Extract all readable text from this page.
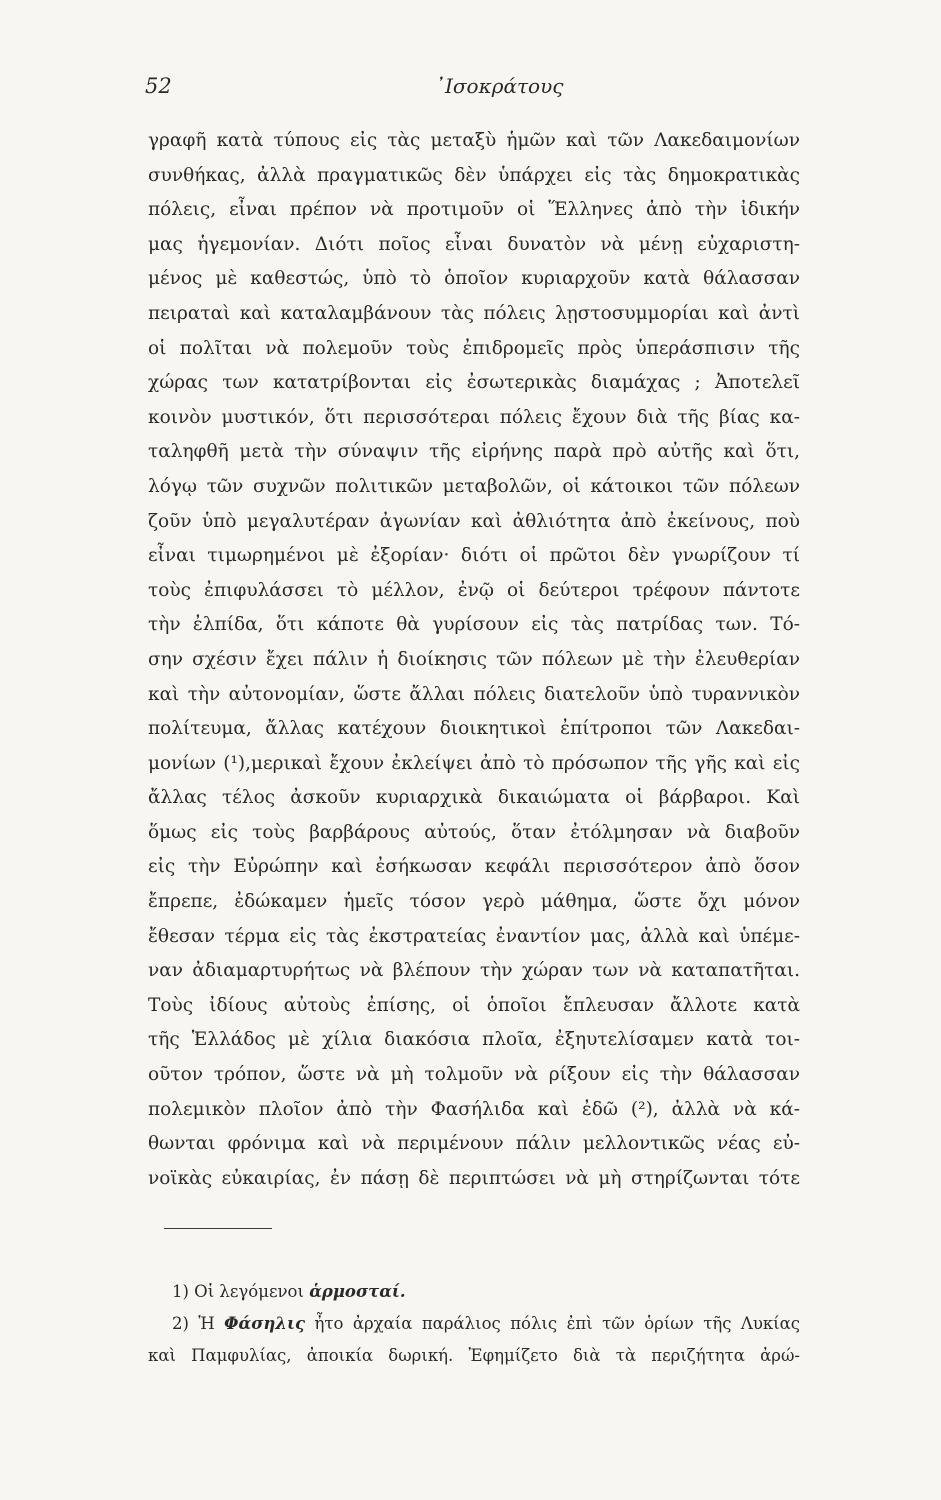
52	᾿Ισοκράτους
γραφῆ κατὰ τύπους εἰς τὰς μεταξὺ ἡμῶν καὶ τῶν Λακεδαιμονίων
συνθήκας, ἀλλὰ πραγματικῶς δὲν ὑπάρχει εἰς τὰς δημοκρατικὰς
πόλεις, εἶναι πρέπον νὰ προτιμοῦν οἱ Ἕλληνες ἀπὸ τὴν ἰδικήν
μας ἡγεμονίαν. Διότι ποῖος εἶναι δυνατὸν νὰ μένῃ εὐχαριστη-
μένος μὲ καθεστώς, ὑπὸ τὸ ὁποῖον κυριαρχοῦν κατὰ θάλασσαν
πειραταὶ καὶ καταλαμβάνουν τὰς πόλεις λῃστοσυμμορίαι καὶ ἀντὶ
οἱ πολῖται νὰ πολεμοῦν τοὺς ἐπιδρομεῖς πρὸς ὑπεράσπισιν τῆς
χώρας των κατατρίβονται εἰς ἐσωτερικὰς διαμάχας ; Ἀποτελεῖ
κοινὸν μυστικόν, ὅτι περισσότεραι πόλεις ἔχουν διὰ τῆς βίας κα-
ταληφθῆ μετὰ τὴν σύναψιν τῆς εἰρήνης παρὰ πρὸ αὐτῆς καὶ ὅτι,
λόγῳ τῶν συχνῶν πολιτικῶν μεταβολῶν, οἱ κάτοικοι τῶν πόλεων
ζοῦν ὑπὸ μεγαλυτέραν ἀγωνίαν καὶ ἀθλιότητα ἀπὸ ἐκείνους, ποὺ
εἶναι τιμωρημένοι μὲ ἐξορίαν· διότι οἱ πρῶτοι δὲν γνωρίζουν τί
τοὺς ἐπιφυλάσσει τὸ μέλλον, ἐνῷ οἱ δεύτεροι τρέφουν πάντοτε
τὴν ἐλπίδα, ὅτι κάποτε θὰ γυρίσουν εἰς τὰς πατρίδας των. Τό-
σην σχέσιν ἔχει πάλιν ἡ διοίκησις τῶν πόλεων μὲ τὴν ἐλευθερίαν
καὶ τὴν αὐτονομίαν, ὥστε ἄλλαι πόλεις διατελοῦν ὑπὸ τυραννικὸν
πολίτευμα, ἄλλας κατέχουν διοικητικοὶ ἐπίτροποι τῶν Λακεδαι-
μονίων (¹),μερικαὶ ἔχουν ἐκλείψει ἀπὸ τὸ πρόσωπον τῆς γῆς καὶ εἰς
ἄλλας τέλος ἀσκοῦν κυριαρχικὰ δικαιώματα οἱ βάρβαροι. Καὶ
ὅμως εἰς τοὺς βαρβάρους αὐτούς, ὅταν ἐτόλμησαν νὰ διαβοῦν
εἰς τὴν Εὐρώπην καὶ ἐσήκωσαν κεφάλι περισσότερον ἀπὸ ὅσον
ἔπρεπε, ἐδώκαμεν ἡμεῖς τόσον γερὸ μάθημα, ὥστε ὄχι μόνον
ἔθεσαν τέρμα εἰς τὰς ἐκστρατείας ἐναντίον μας, ἀλλὰ καὶ ὑπέμε-
ναν ἀδιαμαρτυρήτως νὰ βλέπουν τὴν χώραν των νὰ καταπατῆται.
Τοὺς ἰδίους αὐτοὺς ἐπίσης, οἱ ὁποῖοι ἔπλευσαν ἄλλοτε κατὰ
τῆς Ἑλλάδος μὲ χίλια διακόσια πλοῖα, ἐξηυτελίσαμεν κατὰ τοι-
οῦτον τρόπον, ὥστε νὰ μὴ τολμοῦν νὰ ρίξουν εἰς τὴν θάλασσαν
πολεμικὸν πλοῖον ἀπὸ τὴν Φασήλιδα καὶ ἐδῶ (²), ἀλλὰ νὰ κά-
θωνται φρόνιμα καὶ νὰ περιμένουν πάλιν μελλοντικῶς νέας εὐ-
νοϊκὰς εὐκαιρίας, ἐν πάσῃ δὲ περιπτώσει νὰ μὴ στηρίζωνται τότε
1) Οἱ λεγόμενοι ἁρμοσταί.
2) Ἡ Φάσηλις ἦτο ἀρχαία παράλιος πόλις ἐπὶ τῶν ὁρίων τῆς Λυκίας
καὶ Παμφυλίας, ἀποικία δωρική. Ἐφημίζετο διὰ τὰ περιζήτητα ἀρώ-
